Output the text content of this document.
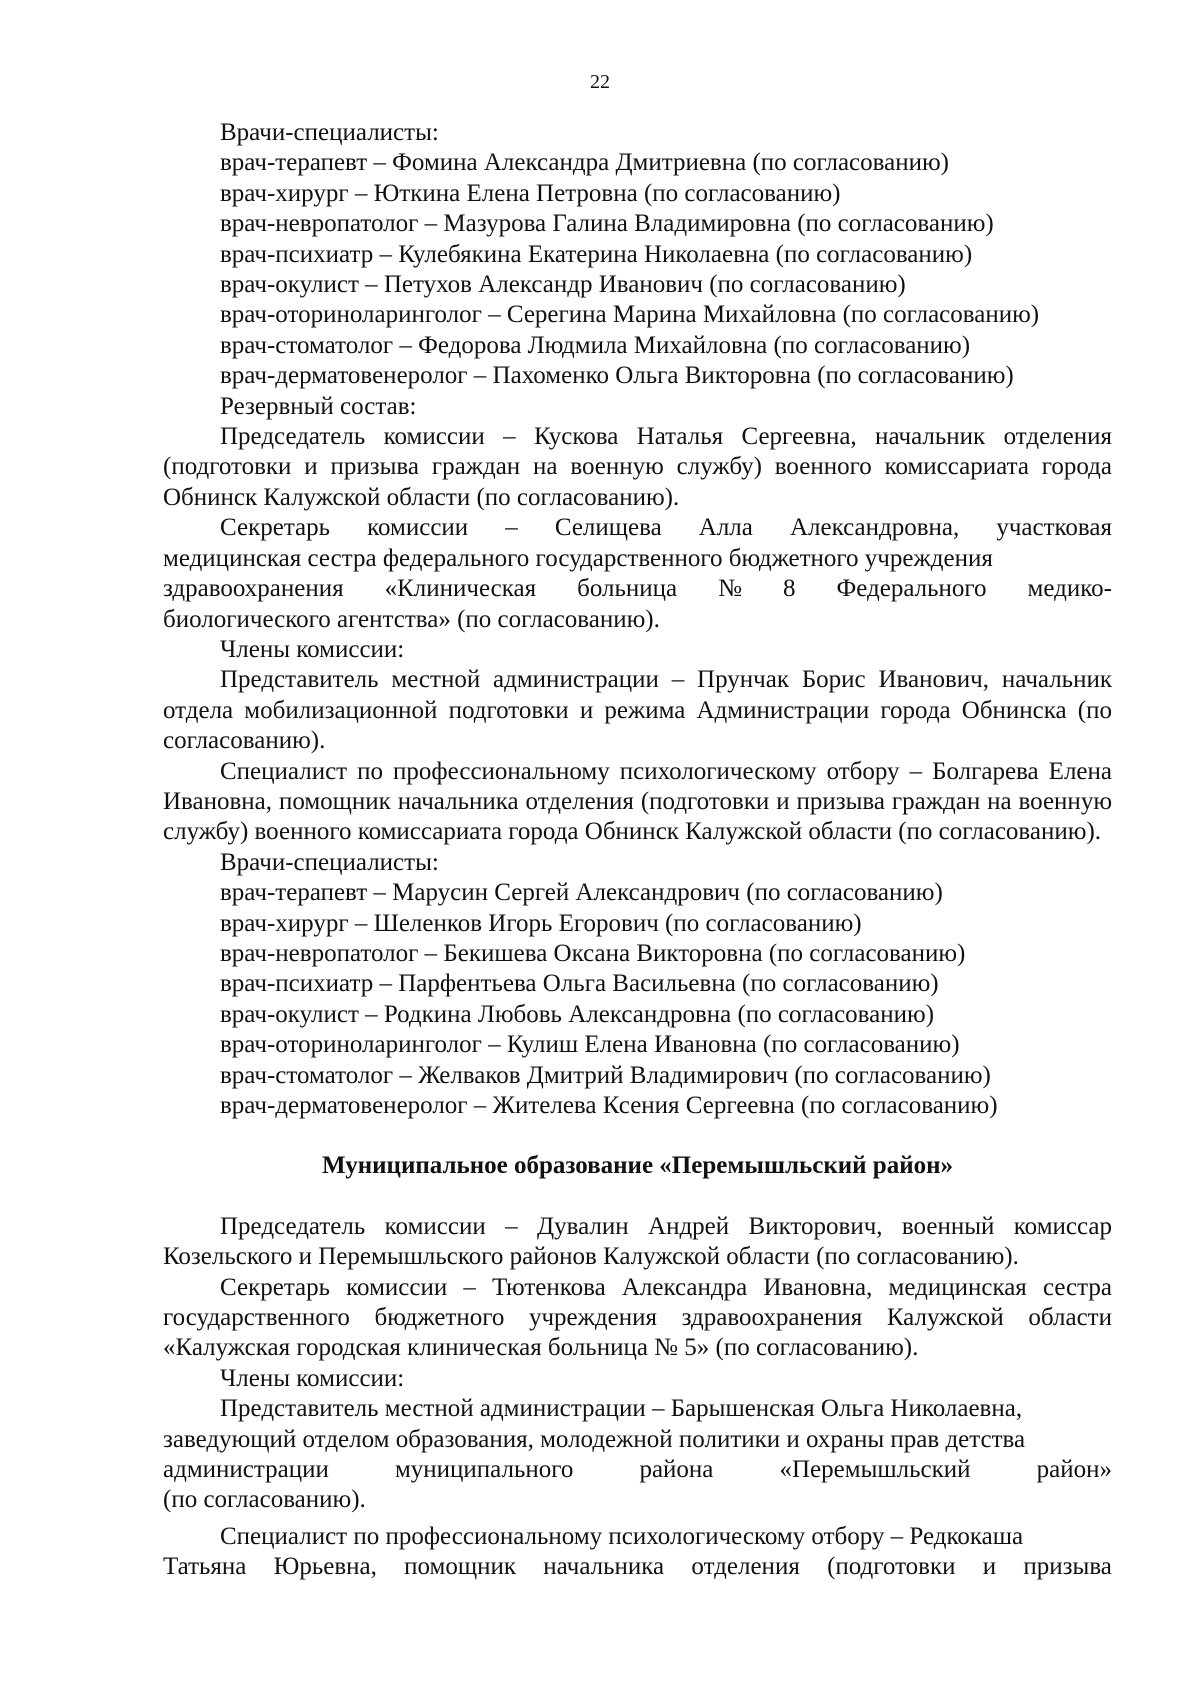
22

Врачи-специалисты:

врач-терапевт – Фомина Александра Дмитриевна (по согласованию)

врач-хирург – Юткина Елена Петровна (по согласованию)

врач-невропатолог – Мазурова Галина Владимировна (по согласованию)

врач-психиатр – Кулебякина Екатерина Николаевна (по согласованию)

врач-окулист – Петухов Александр Иванович (по согласованию)

врач-оториноларинголог – Серегина Марина Михайловна (по согласованию)

врач-стоматолог – Федорова Людмила Михайловна (по согласованию)

врач-дерматовенеролог – Пахоменко Ольга Викторовна (по согласованию)

Резервный состав:

Председатель комиссии – Кускова Наталья Сергеевна, начальник отделения (подготовки и призыва граждан на военную службу) военного комиссариата города Обнинск Калужской области (по согласованию).

Секретарь комиссии – Селищева Алла Александровна, участковая

медицинская сестра федерального государственного бюджетного учреждения

здравоохранения «Клиническая больница № 8 Федерального медико-

биологического агентства» (по согласованию).

Члены комиссии:

Представитель местной администрации – Прунчак Борис Иванович, начальник отдела мобилизационной подготовки и режима Администрации города Обнинска (по согласованию).

Специалист по профессиональному психологическому отбору – Болгарева Елена Ивановна, помощник начальника отделения (подготовки и призыва граждан на военную службу) военного комиссариата города Обнинск Калужской области (по согласованию).

Врачи-специалисты:

врач-терапевт – Марусин Сергей Александрович (по согласованию)

врач-хирург – Шеленков Игорь Егорович (по согласованию)

врач-невропатолог – Бекишева Оксана Викторовна (по согласованию)

врач-психиатр – Парфентьева Ольга Васильевна (по согласованию)

врач-окулист – Родкина Любовь Александровна (по согласованию)

врач-оториноларинголог – Кулиш Елена Ивановна (по согласованию)

врач-стоматолог – Желваков Дмитрий Владимирович (по согласованию)

врач-дерматовенеролог – Жителева Ксения Сергеевна (по согласованию)

Муниципальное образование «Перемышльский район»

Председатель комиссии – Дувалин Андрей Викторович, военный комиссар Козельского и Перемышльского районов Калужской области (по согласованию).

Секретарь комиссии – Тютенкова Александра Ивановна, медицинская сестра государственного бюджетного учреждения здравоохранения Калужской области «Калужская городская клиническая больница № 5» (по согласованию).

Члены комиссии:

Представитель местной администрации – Барышенская Ольга Николаевна,

заведующий отделом образования, молодежной политики и охраны прав детства

администрации	муниципального	района	«Перемышльский	район»

(по согласованию).

Специалист по профессиональному психологическому отбору – Редкокаша

Татьяна Юрьевна, помощник начальника отделения (подготовки и призыва
